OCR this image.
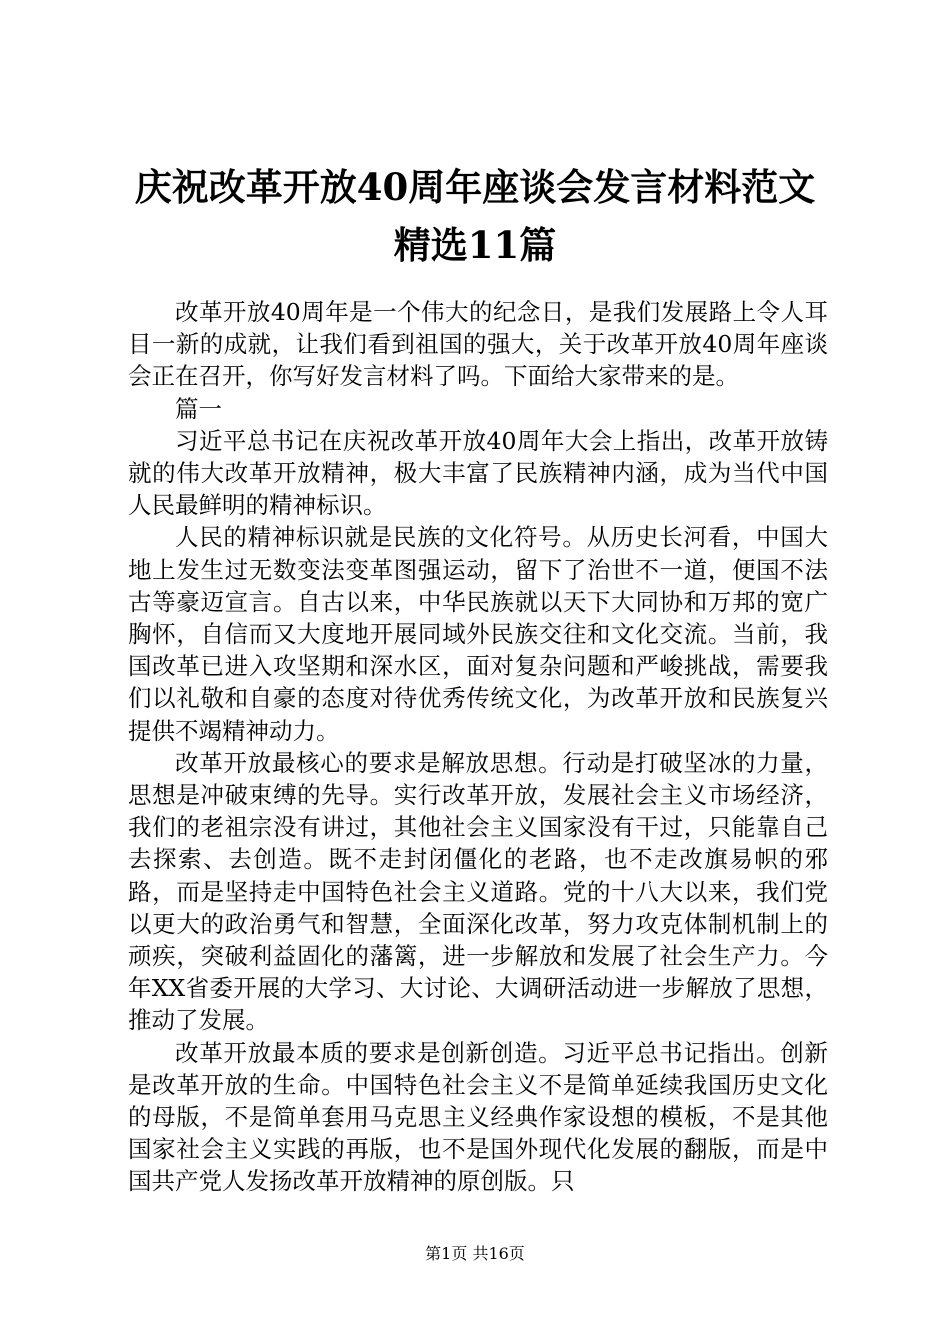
庆祝改革开放40周年座谈会发言材料范文精选11篇

改革开放40周年是一个伟大的纪念日，是我们发展路上令人耳目一新的成就，让我们看到祖国的强大，关于改革开放40周年座谈会正在召开，你写好发言材料了吗。下面给大家带来的是。

篇一

习近平总书记在庆祝改革开放40周年大会上指出，改革开放铸就的伟大改革开放精神，极大丰富了民族精神内涵，成为当代中国人民最鲜明的精神标识。

人民的精神标识就是民族的文化符号。从历史长河看，中国大地上发生过无数变法变革图强运动，留下了治世不一道，便国不法古等豪迈宣言。自古以来，中华民族就以天下大同协和万邦的宽广胸怀，自信而又大度地开展同域外民族交往和文化交流。当前，我国改革已进入攻坚期和深水区，面对复杂问题和严峻挑战，需要我们以礼敬和自豪的态度对待优秀传统文化，为改革开放和民族复兴提供不竭精神动力。

改革开放最核心的要求是解放思想。行动是打破坚冰的力量，思想是冲破束缚的先导。实行改革开放，发展社会主义市场经济，我们的老祖宗没有讲过，其他社会主义国家没有干过，只能靠自己去探索、去创造。既不走封闭僵化的老路，也不走改旗易帜的邪路，而是坚持走中国特色社会主义道路。党的十八大以来，我们党以更大的政治勇气和智慧，全面深化改革，努力攻克体制机制上的顽疾，突破利益固化的藩篱，进一步解放和发展了社会生产力。今年XX省委开展的大学习、大讨论、大调研活动进一步解放了思想，推动了发展。

改革开放最本质的要求是创新创造。习近平总书记指出。创新是改革开放的生命。中国特色社会主义不是简单延续我国历史文化的母版，不是简单套用马克思主义经典作家设想的模板，不是其他国家社会主义实践的再版，也不是国外现代化发展的翻版，而是中国共产党人发扬改革开放精神的原创版。只

第1页 共16页
